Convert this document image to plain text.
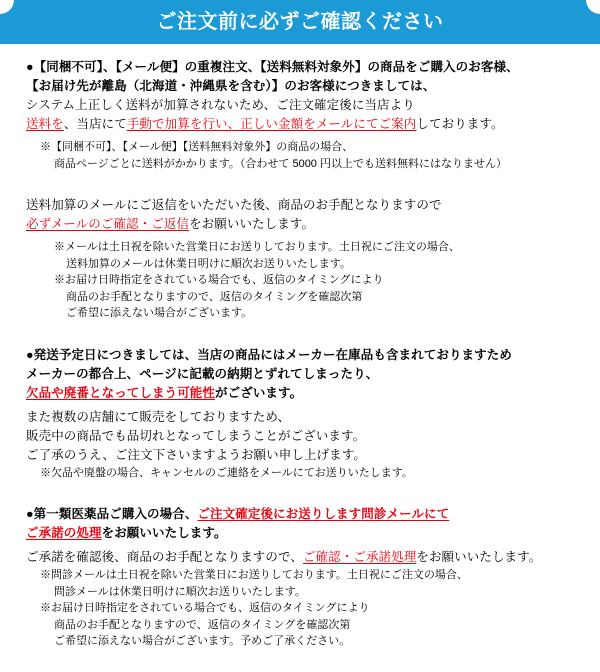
ご注文前に必ずご確認ください
●【同梱不可】、【メール便】の重複注文、【送料無料対象外】の商品をご購入のお客様、
【お届け先が離島（北海道・沖縄県を含む）】のお客様につきましては、
システム上正しく送料が加算されないため、ご注文確定後に当店より
送料を、当店にて手動で加算を行い、正しい金額をメールにてご案内しております。
※【同梱不可】、【メール便】【送料無料対象外】の商品の場合、
商品ページごとに送料がかかります。（合わせて 5000 円以上でも送料無料にはなりません）
送料加算のメールにご返信をいただいた後、商品のお手配となりますので
必ずメールのご確認・ご返信をお願いいたします。
※メールは土日祝を除いた営業日にお送りしております。土日祝にご注文の場合、
送料加算のメールは休業日明けに順次お送りいたします。
※お届け日時指定をされている場合でも、返信のタイミングにより
商品のお手配となりますので、返信のタイミングを確認次第
ご希望に添えない場合がございます。
●発送予定日につきましては、当店の商品にはメーカー在庫品も含まれておりますため
メーカーの都合上、ページに記載の納期とずれてしまったり、
欠品や廃番となってしまう可能性がございます。
また複数の店舗にて販売をしておりますため、
販売中の商品でも品切れとなってしまうことがございます。
ご了承のうえ、ご注文下さいますようお願い申し上げます。
※欠品や廃盤の場合、キャンセルのご連絡をメールにてお送りいたします。
●第一類医薬品ご購入の場合、ご注文確定後にお送りします問診メールにて
ご承諾の処理をお願いいたします。
ご承諾を確認後、商品のお手配となりますので、ご確認・ご承諾処理をお願いいたします。
※問診メールは土日祝を除いた営業日にお送りしております。土日祝にご注文の場合、
問診メールは休業日明けに順次お送りいたします。
※お届け日時指定をされている場合でも、返信のタイミングにより
商品のお手配となりますので、返信のタイミングを確認次第
ご希望に添えない場合がございます。予めご了承ください。
